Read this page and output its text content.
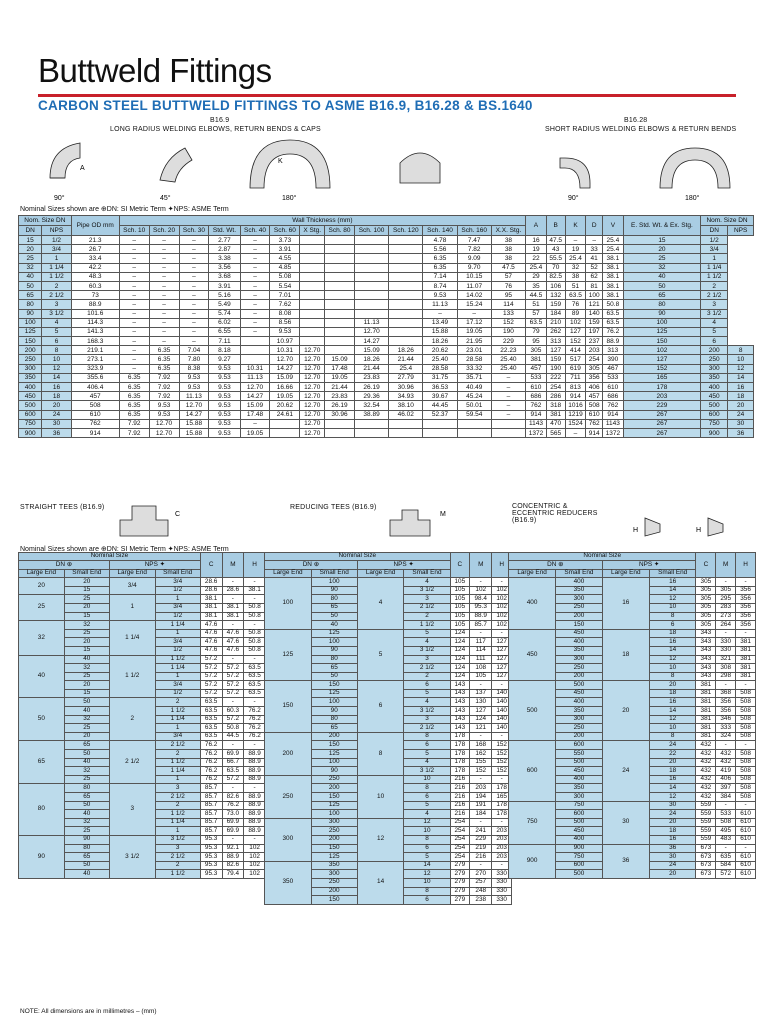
Buttweld Fittings
CARBON STEEL BUTTWELD FITTINGS TO ASME B16.9, B16.28 & BS.1640
B16.9
LONG RADIUS WELDING ELBOWS, RETURN BENDS & CAPS
B16.28
SHORT RADIUS WELDING ELBOWS & RETURN BENDS
A
K
90°	45°	180°	90°	180°
Nominal Sizes shown are ⊕DN: SI Metric Term ✦NPS: ASME Term
Nom. Size DN		Pipe OD mm	Wall Thickness (mm)													A	B	K	D	V	E. Std. Wt. & Ex. Stg.	Nom. Size DN	
DN	NPS		Sch. 10	Sch. 20	Sch. 30	Std. Wt.	Sch. 40	Sch. 60	X Stg.	Sch. 80	Sch. 100	Sch. 120	Sch. 140	Sch. 160	X.X. Stg.							DN	NPS
15	1/2	21.3	–	–	–	2.77	–	3.73					4.78	7.47	38	16	47.5	–	–	25.4	15	1/2	
20	3/4	26.7	–	–	–	2.87	–	3.91					5.56	7.82	38	19	43	19	33	25.4	20	3/4	
25	1	33.4	–	–	–	3.38	–	4.55					6.35	9.09	38	22	55.5	25.4	41	38.1	25	1	
32	1 1/4	42.2	–	–	–	3.56	–	4.85					6.35	9.70	47.5	25.4	70	32	52	38.1	32	1 1/4	
40	1 1/2	48.3	–	–	–	3.68	–	5.08					7.14	10.15	57	29	82.5	38	62	38.1	40	1 1/2	
50	2	60.3	–	–	–	3.91	–	5.54					8.74	11.07	76	35	106	51	81	38.1	50	2	
65	2 1/2	73	–	–	–	5.16	–	7.01					9.53	14.02	95	44.5	132	63.5	100	38.1	65	2 1/2	
80	3	88.9	–	–	–	5.49	–	7.62					11.13	15.24	114	51	159	76	121	50.8	80	3	
90	3 1/2	101.6	–	–	–	5.74	–	8.08					–	–	133	57	184	89	140	63.5	90	3 1/2	
100	4	114.3	–	–	–	6.02	–	8.56			11.13		13.49	17.12	152	63.5	210	102	159	63.5	100	4	
125	5	141.3	–	–	–	6.55	–	9.53			12.70		15.88	19.05	190	79	262	127	197	76.2	125	5	
150	6	168.3	–	–	–	7.11		10.97			14.27		18.26	21.95	229	95	313	152	237	88.9	150	6	
200	8	219.1	–	6.35	7.04	8.18		10.31	12.70		15.09	18.26	20.62	23.01	22.23	305	127	414	203	313	102	200	8
250	10	273.1	–	6.35	7.80	9.27		12.70	12.70	15.09	18.26	21.44	25.40	28.58	25.40	381	159	517	254	390	127	250	10
300	12	323.9	–	6.35	8.38	9.53	10.31	14.27	12.70	17.48	21.44	25.4	28.58	33.32	25.40	457	190	619	305	467	152	300	12
350	14	355.6	6.35	7.92	9.53	9.53	11.13	15.09	12.70	19.05	23.83	27.79	31.75	35.71	–	533	222	711	356	533	165	350	14
400	16	406.4	6.35	7.92	9.53	9.53	12.70	16.66	12.70	21.44	26.19	30.96	36.53	40.49	–	610	254	813	406	610	178	400	16
450	18	457	6.35	7.92	11.13	9.53	14.27	19.05	12.70	23.83	29.36	34.93	39.67	45.24	–	686	286	914	457	686	203	450	18
500	20	508	6.35	9.53	12.70	9.53	15.09	20.62	12.70	26.19	32.54	38.10	44.45	50.01	–	762	318	1016	508	762	229	500	20
600	24	610	6.35	9.53	14.27	9.53	17.48	24.61	12.70	30.96	38.89	46.02	52.37	59.54	–	914	381	1219	610	914	267	600	24
750	30	762	7.92	12.70	15.88	9.53	–		12.70							1143	470	1524	762	1143	267	750	30
900	36	914	7.92	12.70	15.88	9.53	19.05		12.70							1372	565	–	914	1372	267	900	36
STRAIGHT TEES (B16.9)	REDUCING TEES (B16.9)	CONCENTRIC & ECCENTRIC REDUCERS (B16.9)
C	M
H	H
Nominal Sizes shown are ⊕DN: SI Metric Term ✦NPS: ASME Term
Nominal Size				C	M	H
DN ⊕		NPS ✦				
Large End	Small End	Large End	Small End			
20	20	3/4	3/4	28.6	-	-
	15		1/2	28.6	28.6	38.1
25	25	1	1	38.1	-	-
	20		3/4	38.1	38.1	50.8
	15		1/2	38.1	38.1	50.8
32	32	1 1/4	1 1/4	47.6	-	-
	25		1	47.6	47.6	50.8
	20		3/4	47.6	47.6	50.8
	15		1/2	47.6	47.6	50.8
40	40	1 1/2	1 1/2	57.2	-	-
	32		1 1/4	57.2	57.2	63.5
	25		1	57.2	57.2	63.5
	20		3/4	57.2	57.2	63.5
	15		1/2	57.2	57.2	63.5
50	50	2	2	63.5	-	-
	40		1 1/2	63.5	60.3	76.2
	32		1 1/4	63.5	57.2	76.2
	25		1	63.5	50.8	76.2
	20		3/4	63.5	44.5	76.2
65	65	2 1/2	2 1/2	76.2	-	-
	50		2	76.2	69.9	88.9
	40		1 1/2	76.2	66.7	88.9
	32		1 1/4	76.2	63.5	88.9
	25		1	76.2	57.2	88.9
80	80	3	3	85.7	-	-
	65		2 1/2	85.7	82.6	88.9
	50		2	85.7	76.2	88.9
	40		1 1/2	85.7	73.0	88.9
	32		1 1/4	85.7	69.9	88.9
	25		1	85.7	69.9	88.9
90	90	3 1/2	3 1/2	95.3	-	-
	80		3	95.3	92.1	102
	65		2 1/2	95.3	88.9	102
	50		2	95.3	82.6	102
	40		1 1/2	95.3	79.4	102
Nominal Size				C	M	H
DN ⊕		NPS ✦				
Large End	Small End	Large End	Small End			
100	100	4	4	105	-	-
	90		3 1/2	105	102	102
	80		3	105	98.4	102
	65		2 1/2	105	95.3	102
	50		2	105	88.9	102
	40		1 1/2	105	85.7	102
125	125	5	5	124	-	-
	100		4	124	117	127
	90		3 1/2	124	114	127
	80		3	124	111	127
	65		2 1/2	124	108	127
	50		2	124	105	127
150	150	6	6	143	-	-
	125		5	143	137	140
	100		4	143	130	140
	90		3 1/2	143	127	140
	80		3	143	124	140
	65		2 1/2	143	121	140
200	200	8	8	178	-	-
	150		6	178	168	152
	125		5	178	162	152
	100		4	178	155	152
	90		3 1/2	178	152	152
250	250	10	10	216	-	-
	200		8	216	203	178
	150		6	216	194	165
	125		5	216	191	178
	100		4	216	184	178
300	300	12	12	254	-	-
	250		10	254	241	203
	200		8	254	229	203
	150		6	254	219	203
	125		5	254	216	203
350	350	14	14	279	-	-
	300		12	279	270	330
	250		10	279	257	330
	200		8	279	248	330
	150		6	279	238	330
Nominal Size				C	M	H
DN ⊕		NPS ✦				
Large End	Small End	Large End	Small End			
400	400	16	16	305	-	-
	350		14	305	305	356
	300		12	305	295	356
	250		10	305	283	356
	200		8	305	273	356
	150		6	305	264	356
450	450	18	18	343	-	-
	400		16	343	330	381
	350		14	343	330	381
	300		12	343	321	381
	250		10	343	308	381
	200		8	343	298	381
500	500	20	20	381	-	-
	450		18	381	368	508
	400		16	381	356	508
	350		14	381	356	508
	300		12	381	346	508
	250		10	381	333	508
	200		8	381	324	508
600	600	24	24	432	-	-
	550		22	432	432	508
	500		20	432	432	508
	450		18	432	419	508
	400		16	432	406	508
	350		14	432	397	508
	300		12	432	384	508
750	750	30	30	559	-	-
	600		24	559	533	610
	500		20	559	508	610
	450		18	559	495	610
	400		16	559	483	610
900	900	36	36	673	-	-
	750		30	673	635	610
	600		24	673	584	610
	500		20	673	572	610
NOTE: All dimensions are in millimetres – (mm)
